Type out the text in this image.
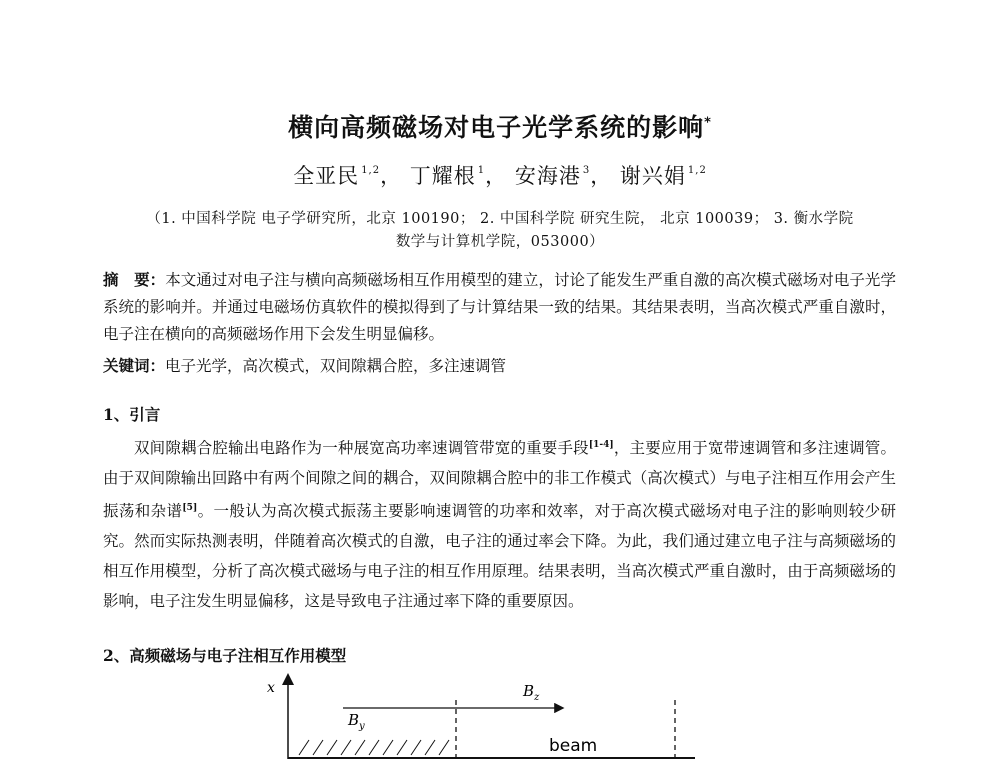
横向高频磁场对电子光学系统的影响*
全亚民 $^{1,2}$， 丁耀根 $^1$， 安海港 $^3$， 谢兴娟 $^{1,2}$
（1. 中国科学院 电子学研究所，北京 100190； 2. 中国科学院 研究生院， 北京 100039； 3. 衡水学院
数学与计算机学院，053000）
摘　要：本文通过对电子注与横向高频磁场相互作用模型的建立，讨论了能发生严重自激的高次模式磁场对电子光学系统的影响并。并通过电磁场仿真软件的模拟得到了与计算结果一致的结果。其结果表明，当高次模式严重自激时，电子注在横向的高频磁场作用下会发生明显偏移。
关键词：电子光学，高次模式，双间隙耦合腔，多注速调管
1、引言
双间隙耦合腔输出电路作为一种展宽高功率速调管带宽的重要手段[1-4]，主要应用于宽带速调管和多注速调管。由于双间隙输出回路中有两个间隙之间的耦合，双间隙耦合腔中的非工作模式（高次模式）与电子注相互作用会产生振荡和杂谱[5]。一般认为高次模式振荡主要影响速调管的功率和效率，对于高次模式磁场对电子注的影响则较少研究。然而实际热测表明，伴随着高次模式的自激，电子注的通过率会下降。为此，我们通过建立电子注与高频磁场的相互作用模型，分析了高次模式磁场与电子注的相互作用原理。结果表明，当高次模式严重自激时，由于高频磁场的影响，电子注发生明显偏移，这是导致电子注通过率下降的重要原因。
2、高频磁场与电子注相互作用模型
x	$B_z$
$B_y$
beam
